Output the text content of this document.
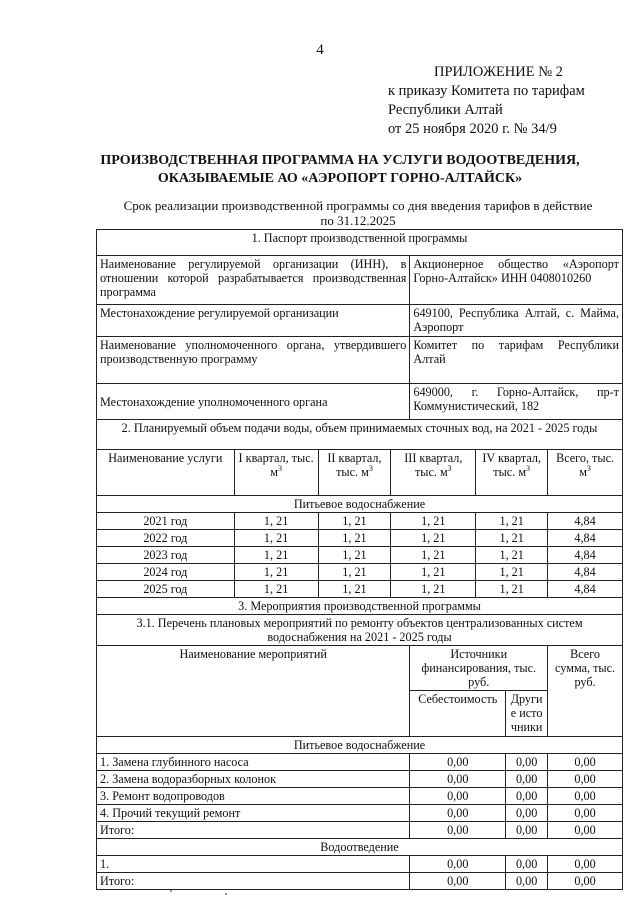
4
ПРИЛОЖЕНИЕ № 2
к приказу Комитета по тарифам
Республики Алтай
от 25 ноября 2020 г. № 34/9
ПРОИЗВОДСТВЕННАЯ ПРОГРАММА НА УСЛУГИ ВОДООТВЕДЕНИЯ,
ОКАЗЫВАЕМЫЕ АО «АЭРОПОРТ ГОРНО-АЛТАЙСК»
Срок реализации производственной программы со дня введения тарифов в действие
по 31.12.2025
1. Паспорт производственной программы							
Наименование регулируемой организации (ИНН), в отношении которой разрабатывается производственная программа				Акционерное общество «Аэропорт Горно-Алтайск» ИНН 0408010260			
Местонахождение регулируемой организации				649100, Республика Алтай, с. Майма, Аэропорт			
Наименование уполномоченного органа, утвердившего производственную программу				Комитет по тарифам Республики Алтай			
Местонахождение уполномоченного органа				649000, г. Горно-Алтайск, пр-т Коммунистический, 182			
2. Планируемый объем подачи воды, объем принимаемых сточных вод, на 2021 - 2025 годы							
Наименование услуги	I квартал, тыс. $м^3$	II квартал, тыс. $м^3$	III квартал, тыс. $м^3$		IV квартал, тыс. $м^3$		Всего, тыс. $м^3$
Питьевое водоснабжение							
2021 год	1, 21	1, 21	1, 21		1, 21		4,84
2022 год	1, 21	1, 21	1, 21		1, 21		4,84
2023 год	1, 21	1, 21	1, 21		1, 21		4,84
2024 год	1, 21	1, 21	1, 21		1, 21		4,84
2025 год	1, 21	1, 21	1, 21		1, 21		4,84
3. Мероприятия производственной программы							
3.1. Перечень плановых мероприятий по ремонту объектов централизованных систем водоснабжения на 2021 - 2025 годы							
Наименование мероприятий				Источники финансирования, тыс. руб.			Всего сумма, тыс. руб.
				Себестоимость		Другие источники	
Питьевое водоснабжение							
1. Замена глубинного насоса				0,00		0,00	0,00
2. Замена водоразборных колонок				0,00		0,00	0,00
3. Ремонт водопроводов				0,00		0,00	0,00
4. Прочий текущий ремонт				0,00		0,00	0,00
Итого:				0,00		0,00	0,00
Водоотведение							
1.				0,00		0,00	0,00
Итого:				0,00		0,00	0,00
